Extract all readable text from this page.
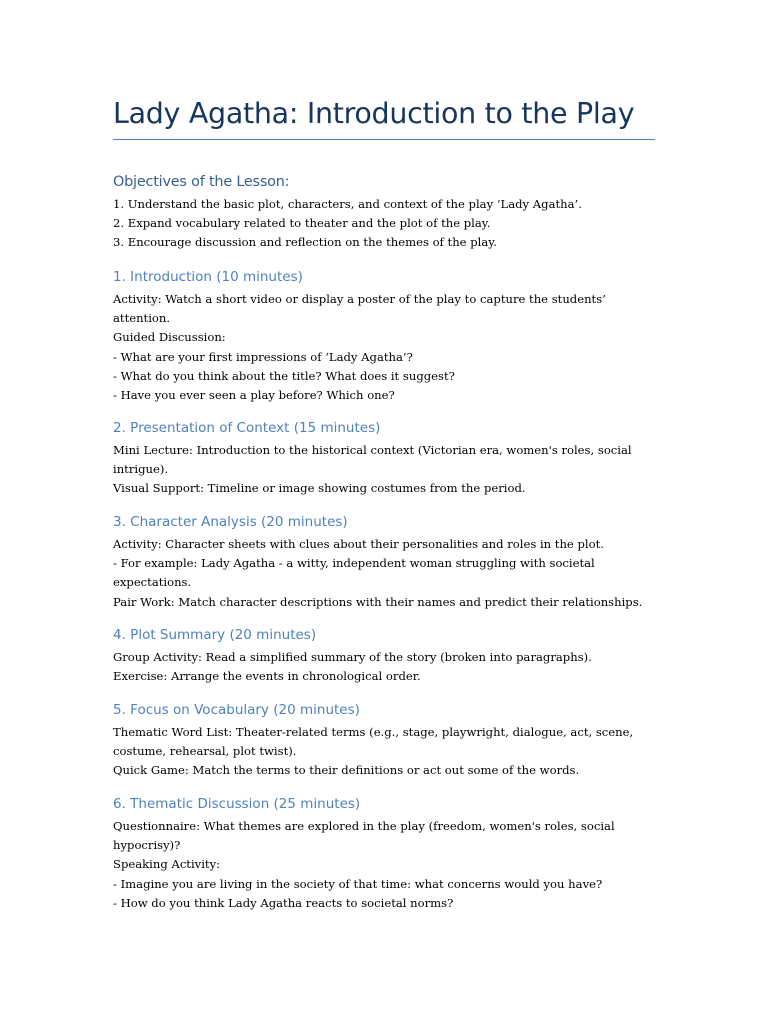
Lady Agatha: Introduction to the Play
Objectives of the Lesson:
1. Understand the basic plot, characters, and context of the play ‘Lady Agatha’.
2. Expand vocabulary related to theater and the plot of the play.
3. Encourage discussion and reflection on the themes of the play.
1. Introduction (10 minutes)
Activity: Watch a short video or display a poster of the play to capture the students’
attention.
Guided Discussion:
- What are your first impressions of ‘Lady Agatha’?
- What do you think about the title? What does it suggest?
- Have you ever seen a play before? Which one?
2. Presentation of Context (15 minutes)
Mini Lecture: Introduction to the historical context (Victorian era, women's roles, social
intrigue).
Visual Support: Timeline or image showing costumes from the period.
3. Character Analysis (20 minutes)
Activity: Character sheets with clues about their personalities and roles in the plot.
- For example: Lady Agatha - a witty, independent woman struggling with societal
expectations.
Pair Work: Match character descriptions with their names and predict their relationships.
4. Plot Summary (20 minutes)
Group Activity: Read a simplified summary of the story (broken into paragraphs).
Exercise: Arrange the events in chronological order.
5. Focus on Vocabulary (20 minutes)
Thematic Word List: Theater-related terms (e.g., stage, playwright, dialogue, act, scene,
costume, rehearsal, plot twist).
Quick Game: Match the terms to their definitions or act out some of the words.
6. Thematic Discussion (25 minutes)
Questionnaire: What themes are explored in the play (freedom, women's roles, social
hypocrisy)?
Speaking Activity:
- Imagine you are living in the society of that time: what concerns would you have?
- How do you think Lady Agatha reacts to societal norms?
